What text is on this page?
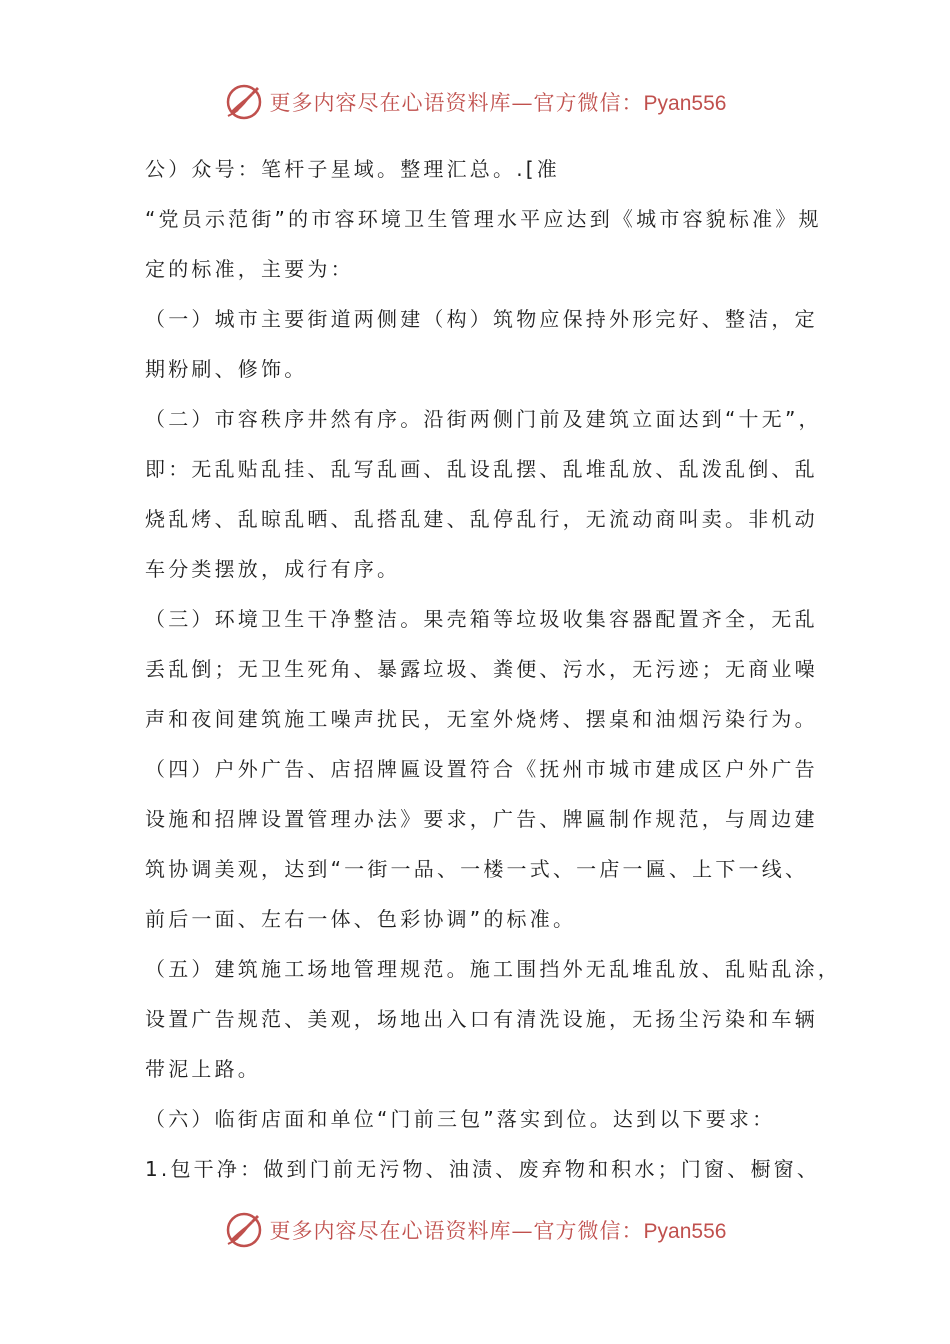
更多内容尽在心语资料库—官方微信：Pyan556
公）众号：笔杆子星域。整理汇总。.[准
“党员示范街”的市容环境卫生管理水平应达到《城市容貌标准》规
定的标准，主要为：
（一）城市主要街道两侧建（构）筑物应保持外形完好、整洁，定
期粉刷、修饰。
（二）市容秩序井然有序。沿街两侧门前及建筑立面达到“十无”，
即：无乱贴乱挂、乱写乱画、乱设乱摆、乱堆乱放、乱泼乱倒、乱
烧乱烤、乱晾乱晒、乱搭乱建、乱停乱行，无流动商叫卖。非机动
车分类摆放，成行有序。
（三）环境卫生干净整洁。果壳箱等垃圾收集容器配置齐全，无乱
丢乱倒；无卫生死角、暴露垃圾、粪便、污水，无污迹；无商业噪
声和夜间建筑施工噪声扰民，无室外烧烤、摆桌和油烟污染行为。
（四）户外广告、店招牌匾设置符合《抚州市城市建成区户外广告
设施和招牌设置管理办法》要求，广告、牌匾制作规范，与周边建
筑协调美观，达到“一街一品、一楼一式、一店一匾、上下一线、
前后一面、左右一体、色彩协调”的标准。
（五）建筑施工场地管理规范。施工围挡外无乱堆乱放、乱贴乱涂，
设置广告规范、美观，场地出入口有清洗设施，无扬尘污染和车辆
带泥上路。
（六）临街店面和单位“门前三包”落实到位。达到以下要求：
1.包干净：做到门前无污物、油渍、废弃物和积水；门窗、橱窗、
更多内容尽在心语资料库—官方微信：Pyan556
